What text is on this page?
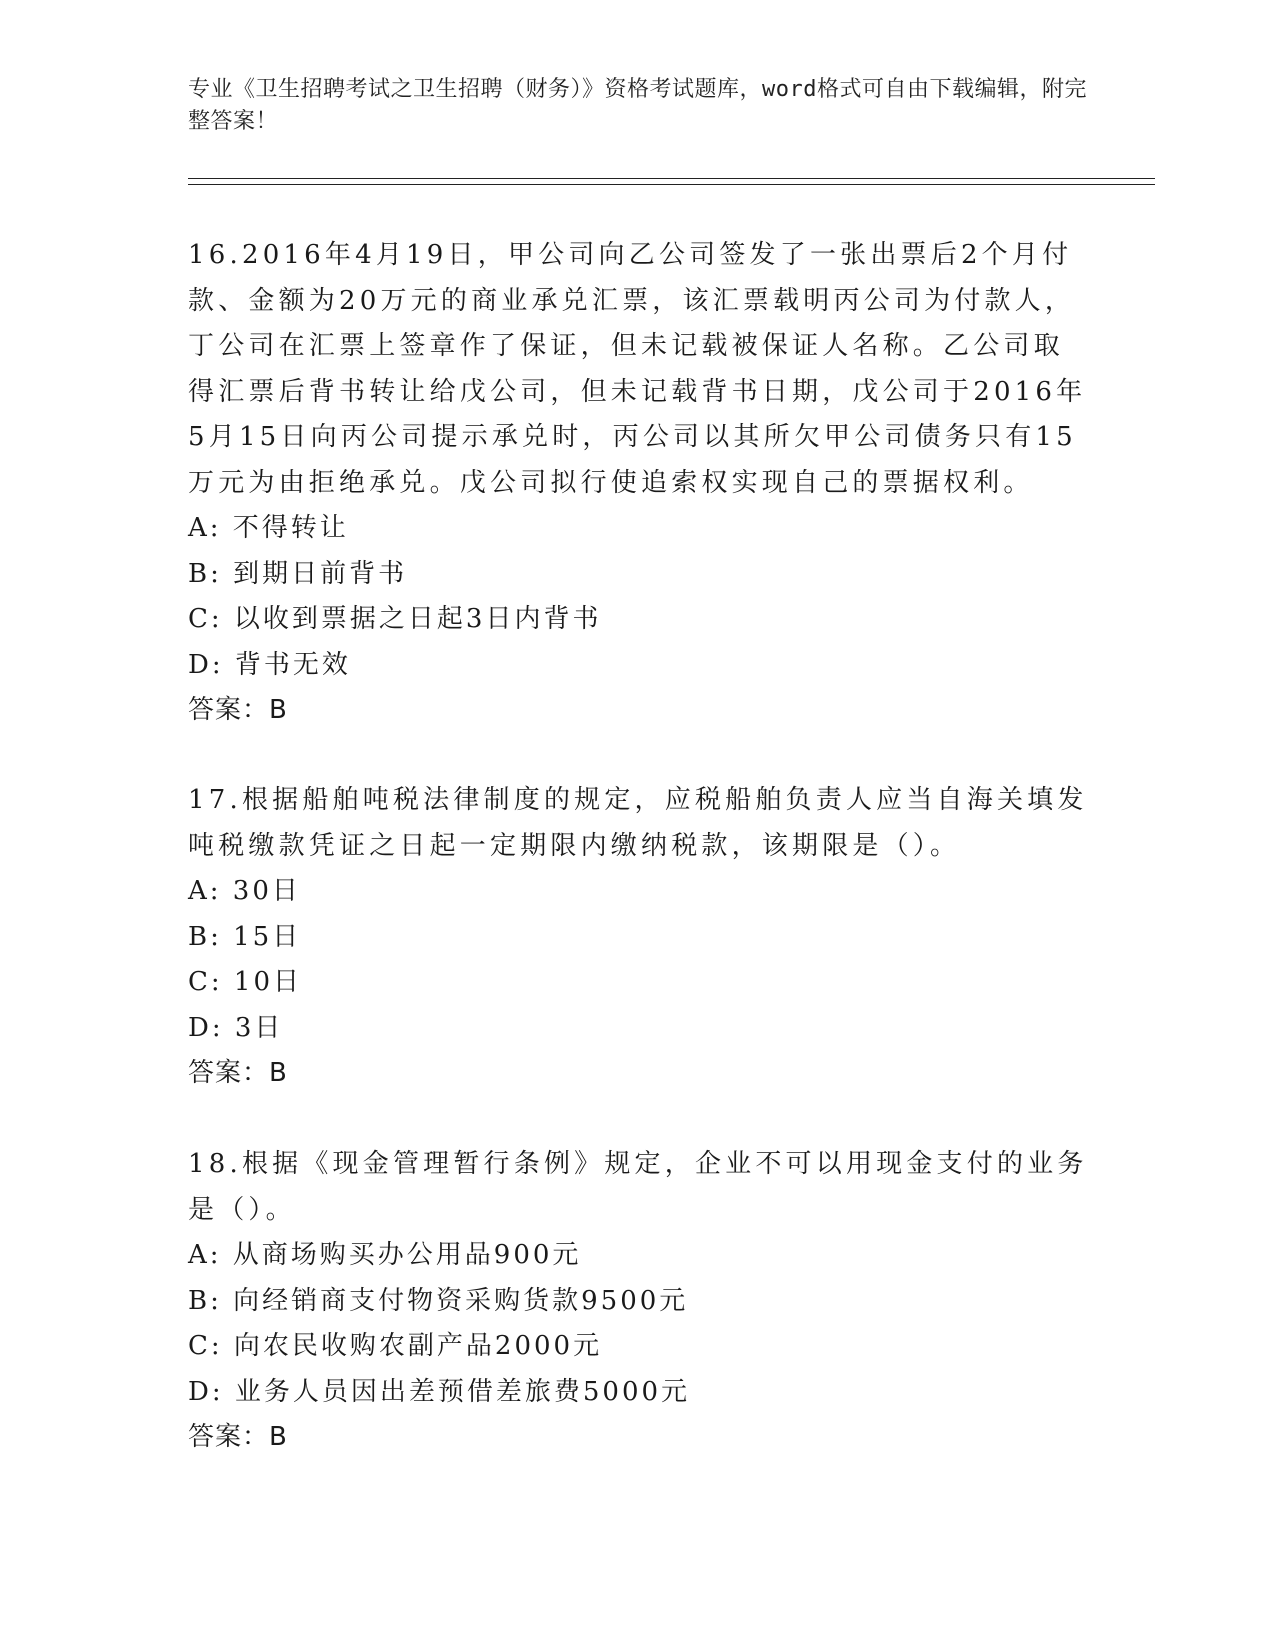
专业《卫生招聘考试之卫生招聘（财务）》资格考试题库，word格式可自由下载编辑，附完整答案！

16.2016年4月19日，甲公司向乙公司签发了一张出票后2个月付款、金额为20万元的商业承兑汇票，该汇票载明丙公司为付款人，丁公司在汇票上签章作了保证，但未记载被保证人名称。乙公司取得汇票后背书转让给戊公司，但未记载背书日期，戊公司于2016年5月15日向丙公司提示承兑时，丙公司以其所欠甲公司债务只有15万元为由拒绝承兑。戊公司拟行使追索权实现自己的票据权利。

A: 不得转让

B: 到期日前背书

C: 以收到票据之日起3日内背书

D: 背书无效

答案：B

17.根据船舶吨税法律制度的规定，应税船舶负责人应当自海关填发吨税缴款凭证之日起一定期限内缴纳税款，该期限是（）。

A: 30日

B: 15日

C: 10日

D: 3日

答案：B

18.根据《现金管理暂行条例》规定，企业不可以用现金支付的业务是（）。

A: 从商场购买办公用品900元

B: 向经销商支付物资采购货款9500元

C: 向农民收购农副产品2000元

D: 业务人员因出差预借差旅费5000元

答案：B
